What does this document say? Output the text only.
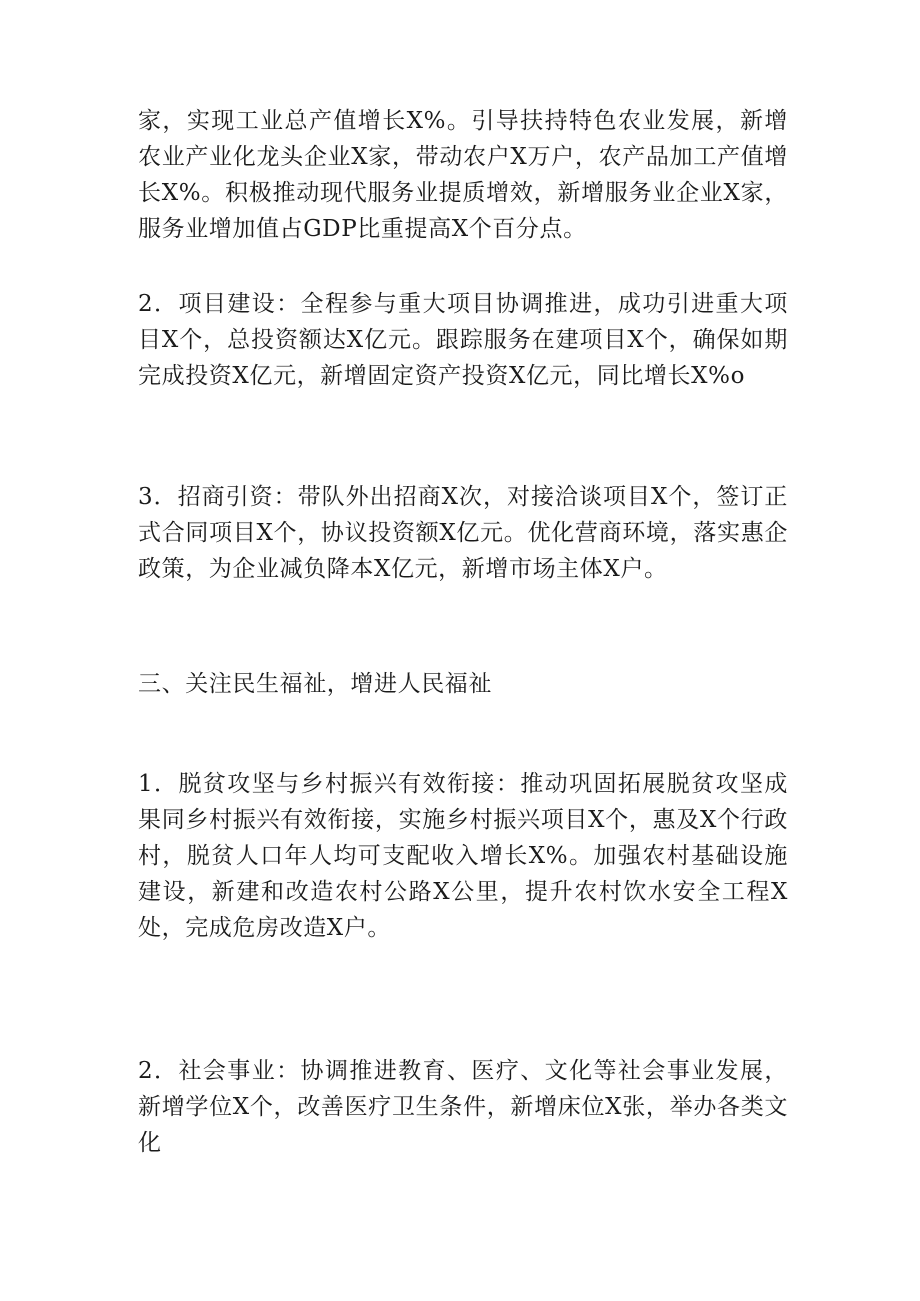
家，实现工业总产值增长X%。引导扶持特色农业发展，新增农业产业化龙头企业X家，带动农户X万户，农产品加工产值增长X%。积极推动现代服务业提质增效，新增服务业企业X家，服务业增加值占GDP比重提高X个百分点。

2．项目建设：全程参与重大项目协调推进，成功引进重大项目X个，总投资额达X亿元。跟踪服务在建项目X个，确保如期完成投资X亿元，新增固定资产投资X亿元，同比增长X%o

3．招商引资：带队外出招商X次，对接洽谈项目X个，签订正式合同项目X个，协议投资额X亿元。优化营商环境，落实惠企政策，为企业减负降本X亿元，新增市场主体X户。

三、关注民生福祉，增进人民福祉

1．脱贫攻坚与乡村振兴有效衔接：推动巩固拓展脱贫攻坚成果同乡村振兴有效衔接，实施乡村振兴项目X个，惠及X个行政村，脱贫人口年人均可支配收入增长X%。加强农村基础设施建设，新建和改造农村公路X公里，提升农村饮水安全工程X处，完成危房改造X户。

2．社会事业：协调推进教育、医疗、文化等社会事业发展，新增学位X个，改善医疗卫生条件，新增床位X张，举办各类文化
